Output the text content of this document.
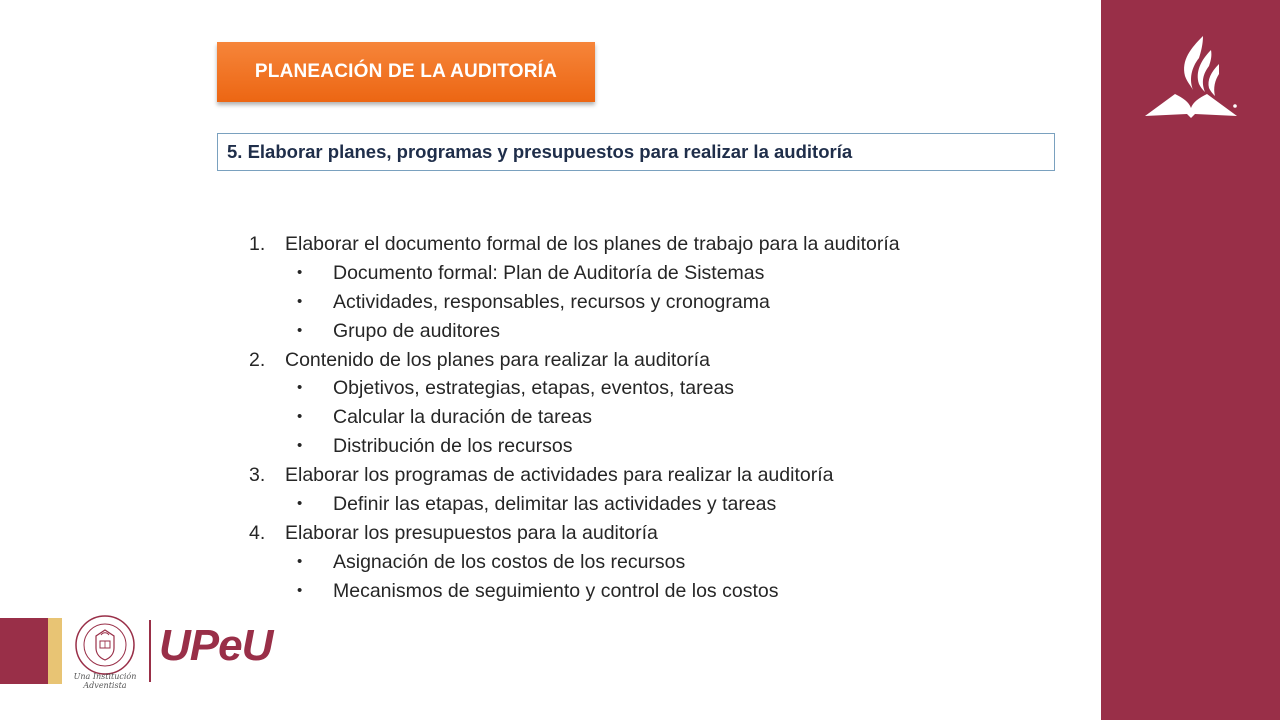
PLANEACIÓN DE LA AUDITORÍA
5. Elaborar planes, programas y presupuestos para realizar la auditoría
1. Elaborar el documento formal de los planes de trabajo para la auditoría
• Documento formal: Plan de Auditoría de Sistemas
• Actividades, responsables, recursos y cronograma
• Grupo de auditores
2. Contenido de los planes para realizar la auditoría
• Objetivos, estrategias, etapas, eventos, tareas
• Calcular la duración de tareas
• Distribución de los recursos
3. Elaborar los programas de actividades para realizar la auditoría
• Definir las etapas, delimitar las actividades y tareas
4. Elaborar los presupuestos para la auditoría
• Asignación de los costos de los recursos
• Mecanismos de seguimiento y control de los costos
Una Institución Adventista
UPeU
